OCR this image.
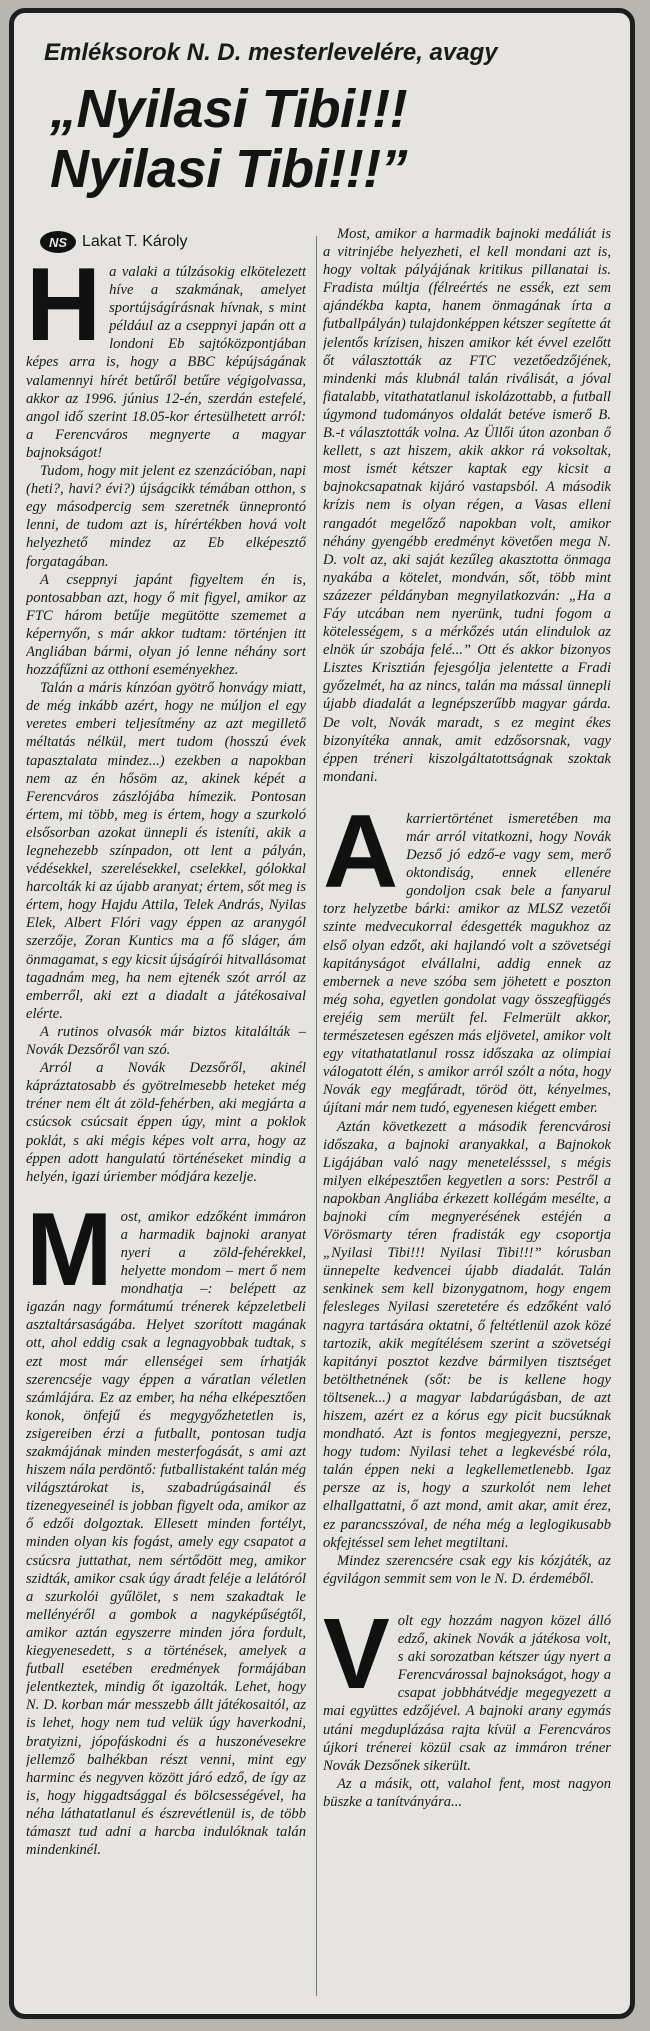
Emléksorok N. D. mesterlevelére, avagy
„Nyilasi Tibi!!!
Nyilasi Tibi!!!”
NS Lakat T. Károly
H a valaki a túlzásokig elkötelezett híve a szakmának, amelyet sportújságírásnak hívnak, s mint például az a cseppnyi japán ott a londoni Eb sajtóközpontjában képes arra is, hogy a BBC képújságának valamennyi hírét betűről betűre végigolvassa, akkor az 1996. június 12-én, szerdán estefelé, angol idő szerint 18.05-kor értesülhetett arról: a Ferencváros megnyerte a magyar bajnokságot!

Tudom, hogy mit jelent ez szenzációban, napi (heti?, havi? évi?) újságcikk témában otthon, s egy másodpercig sem szeretnék ünneprontó lenni, de tudom azt is, hírértékben hová volt helyezhető mindez az Eb elképesztő forgatagában.

A cseppnyi japánt figyeltem én is, pontosabban azt, hogy ő mit figyel, amikor az FTC három betűje megütötte szememet a képernyőn, s már akkor tudtam: történjen itt Angliában bármi, olyan jó lenne néhány sort hozzáfűzni az otthoni eseményekhez.

Talán a máris kínzóan gyötrő honvágy miatt, de még inkább azért, hogy ne múljon el egy veretes emberi teljesítmény az azt megillető méltatás nélkül, mert tudom (hosszú évek tapasztalata mindez...) ezekben a napokban nem az én hősöm az, akinek képét a Ferencváros zászlójába hímezik. Pontosan értem, mi több, meg is értem, hogy a szurkoló elsősorban azokat ünnepli és isteníti, akik a legnehezebb színpadon, ott lent a pályán, védésekkel, szerelésekkel, cselekkel, gólokkal harcolták ki az újabb aranyat; értem, sőt meg is értem, hogy Hajdu Attila, Telek András, Nyilas Elek, Albert Flóri vagy éppen az aranygól szerzője, Zoran Kuntics ma a fő sláger, ám önmagamat, s egy kicsit újságírói hitvallásomat tagadnám meg, ha nem ejtenék szót arról az emberről, aki ezt a diadalt a játékosaival elérte.

A rutinos olvasók már biztos kitalálták – Novák Dezsőről van szó.

Arról a Novák Dezsőről, akinél kápráztatosabb és gyötrelmesebb heteket még tréner nem élt át zöld-fehérben, aki megjárta a csúcsok csúcsait éppen úgy, mint a poklok poklát, s aki mégis képes volt arra, hogy az éppen adott hangulatú történéseket mindig a helyén, igazi úriember módjára kezelje.

M ost, amikor edzőként immáron a harmadik bajnoki aranyat nyeri a zöld-fehérekkel, helyette mondom – mert ő nem mondhatja –: belépett az igazán nagy formátumú trénerek képzeletbeli asztaltársaságába. Helyet szorított magának ott, ahol eddig csak a legnagyobbak tudtak, s ezt most már ellenségei sem írhatják szerencséje vagy éppen a váratlan véletlen számlájára. Ez az ember, ha néha elképesztően konok, önfejű és megygyőzhetetlen is, zsigereiben érzi a futballt, pontosan tudja szakmájának minden mesterfogását, s ami azt hiszem nála perdöntő: futballistaként talán még világsztárokat is, szabadrúgásainál és tizenegyeseinél is jobban figyelt oda, amikor az ő edzői dolgoztak. Ellesett minden fortélyt, minden olyan kis fogást, amely egy csapatot a csúcsra juttathat, nem sértődött meg, amikor szidták, amikor csak úgy áradt feléje a lelátóról a szurkolói gyűlölet, s nem szakadtak le mellényéről a gombok a nagyképűségtől, amikor aztán egyszerre minden jóra fordult, kiegyenesedett, s a történések, amelyek a futball esetében eredmények formájában jelentkeztek, mindig őt igazolták. Lehet, hogy N. D. korban már messzebb állt játékosaitól, az is lehet, hogy nem tud velük úgy haverkodni, bratyizni, jópofáskodni és a huszonévesekre jellemző balhékban részt venni, mint egy harminc és negyven között járó edző, de így az is, hogy higgadtsággal és bölcsességével, ha néha láthatatlanul és észrevétlenül is, de több támaszt tud adni a harcba indulóknak talán mindenkinél.

Most, amikor a harmadik bajnoki medáliát is a vitrinjébe helyezheti, el kell mondani azt is, hogy voltak pályájának kritikus pillanatai is. Fradista múltja (félreértés ne essék, ezt sem ajándékba kapta, hanem önmagának írta a futballpályán) tulajdonképpen kétszer segítette át jelentős krízisen, hiszen amikor két évvel ezelőtt őt választották az FTC vezetőedzőjének, mindenki más klubnál talán riválisát, a jóval fiatalabb, vitathatatlanul iskolázottabb, a futball úgymond tudományos oldalát betéve ismerő B. B.-t választották volna. Az Üllői úton azonban ő kellett, s azt hiszem, akik akkor rá voksoltak, most ismét kétszer kaptak egy kicsit a bajnokcsapatnak kijáró vastapsból. A második krízis nem is olyan régen, a Vasas elleni rangadót megelőző napokban volt, amikor néhány gyengébb eredményt követően mega N. D. volt az, aki saját kezűleg akasztotta önmaga nyakába a kötelet, mondván, sőt, több mint százezer példányban megnyilatkozván: „Ha a Fáy utcában nem nyerünk, tudni fogom a kötelességem, s a mérkőzés után elindulok az elnök úr szobája felé...” Ott és akkor bizonyos Lisztes Krisztián fejesgólja jelentette a Fradi győzelmét, ha az nincs, talán ma mással ünnepli újabb diadalát a legnépszerűbb magyar gárda. De volt, Novák maradt, s ez megint ékes bizonyítéka annak, amit edzősorsnak, vagy éppen tréneri kiszolgáltatottságnak szoktak mondani.

A karriertörténet ismeretében ma már arról vitatkozni, hogy Novák Dezső jó edző-e vagy sem, merő oktondiság, ennek ellenére gondoljon csak bele a fanyarul torz helyzetbe bárki: amikor az MLSZ vezetői szinte medvecukorral édesgették magukhoz az első olyan edzőt, aki hajlandó volt a szövetségi kapitányságot elvállalni, addig ennek az embernek a neve szóba sem jöhetett e poszton még soha, egyetlen gondolat vagy összegfüggés erejéig sem merült fel. Felmerült akkor, természetesen egészen más eljövetel, amikor volt egy vitathatatlanul rossz időszaka az olimpiai válogatott élén, s amikor arról szólt a nóta, hogy Novák egy megfáradt, töröd ött, kényelmes, újítani már nem tudó, egyenesen kiégett ember.

Aztán következett a második ferencvárosi időszaka, a bajnoki aranyakkal, a Bajnokok Ligájában való nagy menetelésssel, s mégis milyen elképesztően kegyetlen a sors: Pestről a napokban Angliába érkezett kollégám mesélte, a bajnoki cím megnyerésének estéjén a Vörösmarty téren fradisták egy csoportja „Nyilasi Tibi!!! Nyilasi Tibi!!!” kórusban ünnepelte kedvencei újabb diadalát. Talán senkinek sem kell bizonygatnom, hogy engem felesleges Nyilasi szeretetére és edzőként való nagyra tartására oktatni, ő feltétlenül azok közé tartozik, akik megítélésem szerint a szövetségi kapitányi posztot kezdve bármilyen tisztséget betölthetnének (sőt: be is kellene hogy töltsenek...) a magyar labdarúgásban, de azt hiszem, azért ez a kórus egy picit bucsúknak mondható. Azt is fontos megjegyezni, persze, hogy tudom: Nyilasi tehet a legkevésbé róla, talán éppen neki a legkellemetlenebb. Igaz persze az is, hogy a szurkolót nem lehet elhallgattatni, ő azt mond, amit akar, amit érez, ez parancsszóval, de néha még a leglogikusabb okfejtéssel sem lehet megtiltani.

Mindez szerencsére csak egy kis kózjáték, az égvilágon semmit sem von le N. D. érdeméből.

V olt egy hozzám nagyon közel álló edző, akinek Novák a játékosa volt, s aki sorozatban kétszer úgy nyert a Ferencvárossal bajnokságot, hogy a csapat jobbhátvédje megegyezett a mai együttes edzőjével. A bajnoki arany egymás utáni megduplázása rajta kívül a Ferencváros újkori trénerei közül csak az immáron tréner Novák Dezsőnek sikerült.

Az a másik, ott, valahol fent, most nagyon büszke a tanítványára...
